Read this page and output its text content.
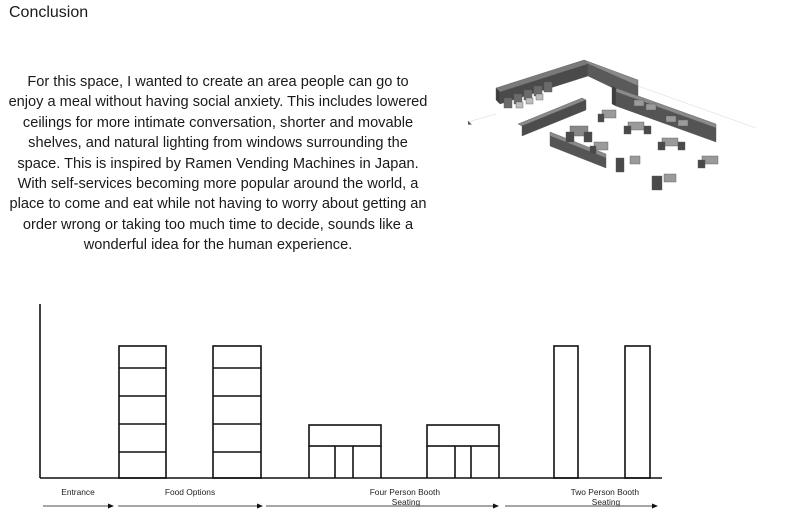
Conclusion

For this space, I wanted to create an area people can go to enjoy a meal without having social anxiety. This includes lowered ceilings for more intimate conversation, shorter and movable shelves, and natural lighting from windows surrounding the space. This is inspired by Ramen Vending Machines in Japan. With self-services becoming more popular around the world, a place to come and eat while not having to worry about getting an order wrong or taking too much time to decide, sounds like a wonderful idea for the human experience.

◣
Entrance	Food Options	Four Person Booth Seating
Two Person Booth Seating
